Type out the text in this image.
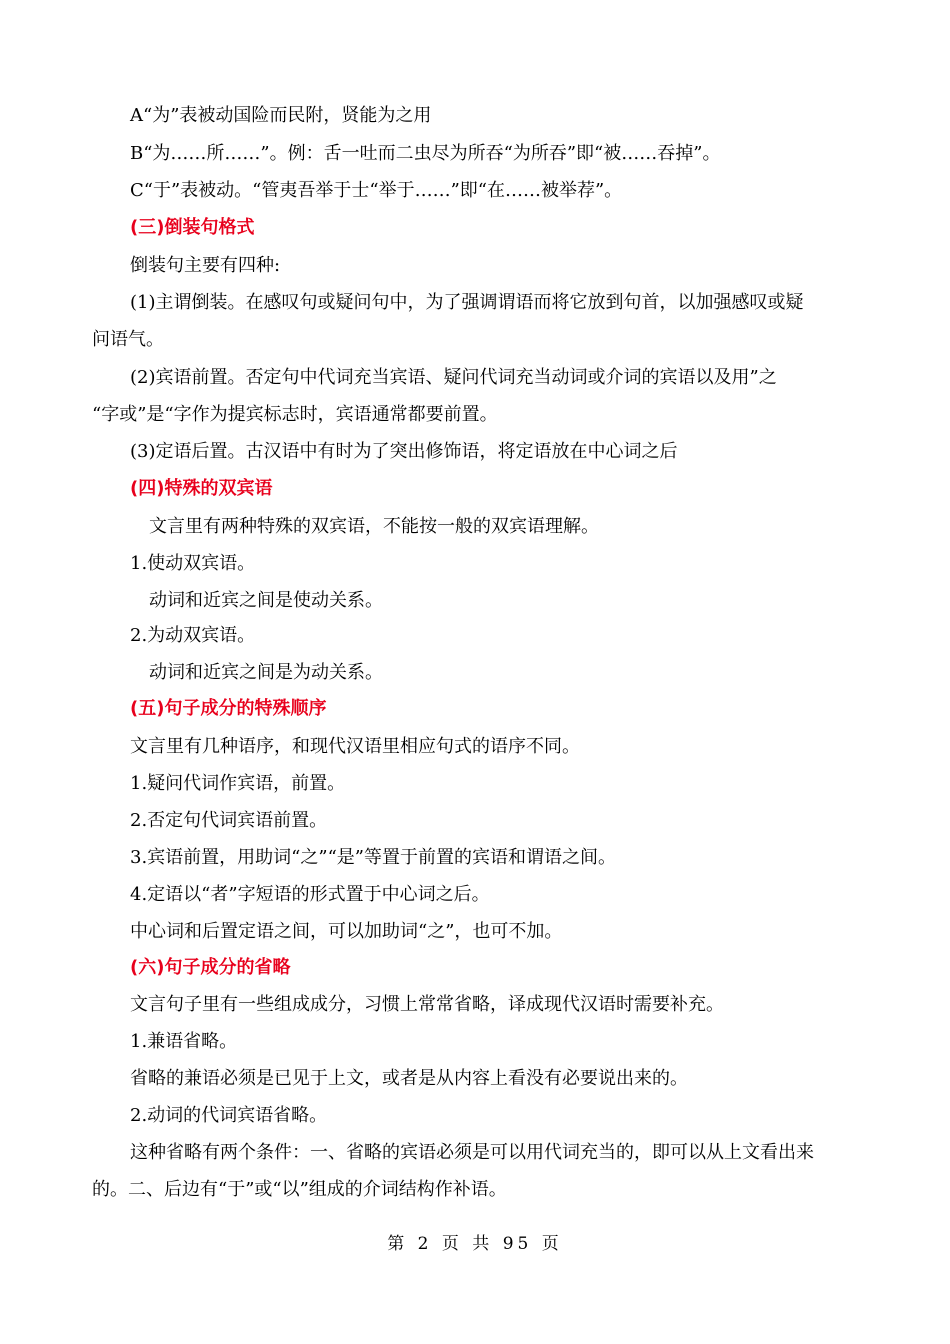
A“为”表被动国险而民附，贤能为之用
B“为……所……”。例：舌一吐而二虫尽为所吞“为所吞”即“被……吞掉”。
C“于”表被动。“管夷吾举于士“举于……”即“在……被举荐”。
(三)倒装句格式
倒装句主要有四种:
(1)主谓倒装。在感叹句或疑问句中，为了强调谓语而将它放到句首，以加强感叹或疑
问语气。
(2)宾语前置。否定句中代词充当宾语、疑问代词充当动词或介词的宾语以及用”之
“字或”是“字作为提宾标志时，宾语通常都要前置。
(3)定语后置。古汉语中有时为了突出修饰语，将定语放在中心词之后
(四)特殊的双宾语
文言里有两种特殊的双宾语，不能按一般的双宾语理解。
1.使动双宾语。
动词和近宾之间是使动关系。
2.为动双宾语。
动词和近宾之间是为动关系。
(五)句子成分的特殊顺序
文言里有几种语序，和现代汉语里相应句式的语序不同。
1.疑问代词作宾语，前置。
2.否定句代词宾语前置。
3.宾语前置，用助词“之”“是”等置于前置的宾语和谓语之间。
4.定语以“者”字短语的形式置于中心词之后。
中心词和后置定语之间，可以加助词“之”，也可不加。
(六)句子成分的省略
文言句子里有一些组成成分，习惯上常常省略，译成现代汉语时需要补充。
1.兼语省略。
省略的兼语必须是已见于上文，或者是从内容上看没有必要说出来的。
2.动词的代词宾语省略。
这种省略有两个条件：一、省略的宾语必须是可以用代词充当的，即可以从上文看出来
的。二、后边有“于”或“以”组成的介词结构作补语。
第 2 页 共 95 页
